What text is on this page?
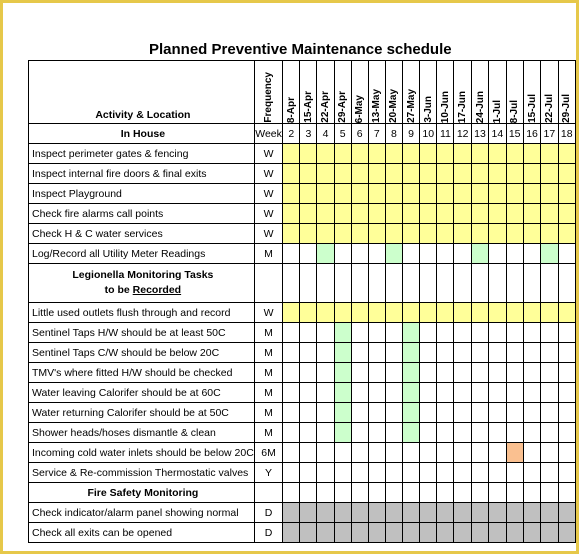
Planned Preventive Maintenance schedule
Activity & Location	Frequency	8-Apr	15-Apr	22-Apr	29-Apr	6-May	13-May	20-May	27-May	3-Jun	10-Jun	17-Jun	24-Jun	1-Jul	8-Jul	15-Jul	22-Jul	29-Jul

In House	Week	2	3	4	5	6	7	8	9	10	11	12	13	14	15	16	17	18
Inspect perimeter gates & fencing	W																	
Inspect internal fire doors & final exits	W																	
Inspect Playground	W																	
Check fire alarms call points	W																	
Check H & C water services	W																	
Log/Record all Utility Meter Readings	M																	

Legionella Monitoring Tasks
to be Recorded																		

Little used outlets flush through and record	W																	
Sentinel Taps H/W should be at least 50C	M																	
Sentinel Taps C/W should be below 20C	M																	
TMV's where fitted H/W should be checked	M																	
Water leaving Calorifer should be at 60C	M																	
Water returning Calorifer should be at 50C	M																	
Shower heads/hoses dismantle & clean	M																	
Incoming cold water inlets should be below 20C	6M																	
Service & Re-commission Thermostatic valves	Y																	
Fire Safety Monitoring																		
Check indicator/alarm panel showing normal	D																	
Check all exits can be opened	D																	
